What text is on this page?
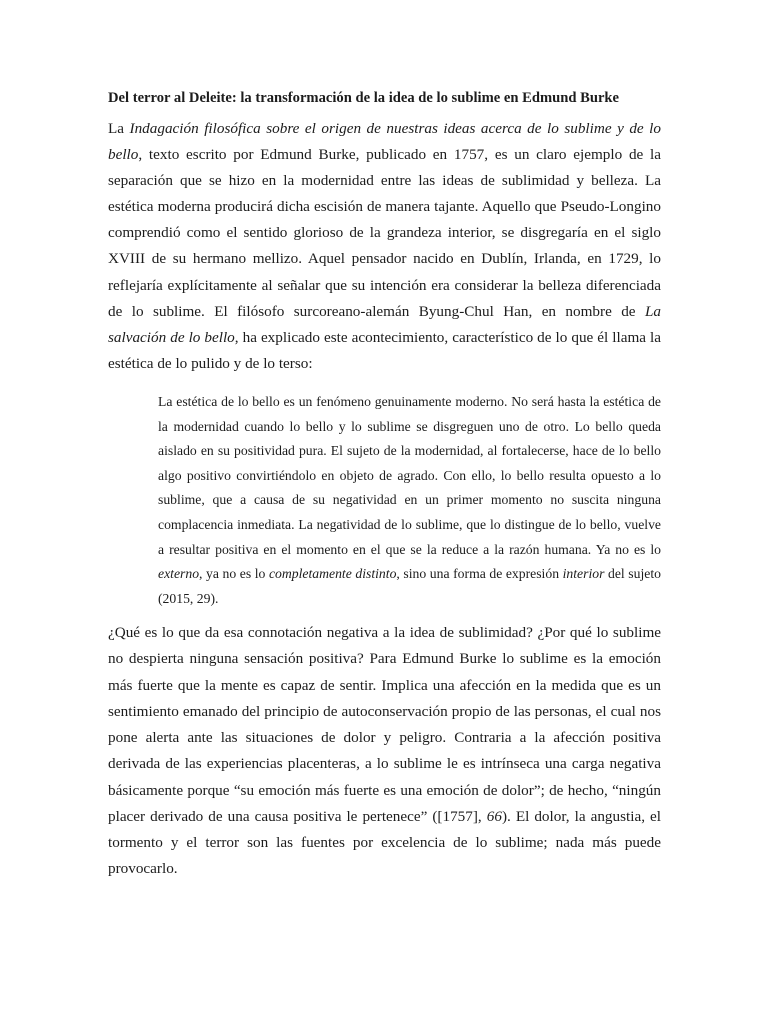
Del terror al Deleite: la transformación de la idea de lo sublime en Edmund Burke

La Indagación filosófica sobre el origen de nuestras ideas acerca de lo sublime y de lo bello, texto escrito por Edmund Burke, publicado en 1757, es un claro ejemplo de la separación que se hizo en la modernidad entre las ideas de sublimidad y belleza. La estética moderna producirá dicha escisión de manera tajante. Aquello que Pseudo-Longino comprendió como el sentido glorioso de la grandeza interior, se disgregaría en el siglo XVIII de su hermano mellizo. Aquel pensador nacido en Dublín, Irlanda, en 1729, lo reflejaría explícitamente al señalar que su intención era considerar la belleza diferenciada de lo sublime. El filósofo surcoreano-alemán Byung-Chul Han, en nombre de La salvación de lo bello, ha explicado este acontecimiento, característico de lo que él llama la estética de lo pulido y de lo terso:

La estética de lo bello es un fenómeno genuinamente moderno. No será hasta la estética de la modernidad cuando lo bello y lo sublime se disgreguen uno de otro. Lo bello queda aislado en su positividad pura. El sujeto de la modernidad, al fortalecerse, hace de lo bello algo positivo convirtiéndolo en objeto de agrado. Con ello, lo bello resulta opuesto a lo sublime, que a causa de su negatividad en un primer momento no suscita ninguna complacencia inmediata. La negatividad de lo sublime, que lo distingue de lo bello, vuelve a resultar positiva en el momento en el que se la reduce a la razón humana. Ya no es lo externo, ya no es lo completamente distinto, sino una forma de expresión interior del sujeto (2015, 29).

¿Qué es lo que da esa connotación negativa a la idea de sublimidad? ¿Por qué lo sublime no despierta ninguna sensación positiva? Para Edmund Burke lo sublime es la emoción más fuerte que la mente es capaz de sentir. Implica una afección en la medida que es un sentimiento emanado del principio de autoconservación propio de las personas, el cual nos pone alerta ante las situaciones de dolor y peligro. Contraria a la afección positiva derivada de las experiencias placenteras, a lo sublime le es intrínseca una carga negativa básicamente porque “su emoción más fuerte es una emoción de dolor”; de hecho, “ningún placer derivado de una causa positiva le pertenece” ([1757], 66). El dolor, la angustia, el tormento y el terror son las fuentes por excelencia de lo sublime; nada más puede provocarlo.
